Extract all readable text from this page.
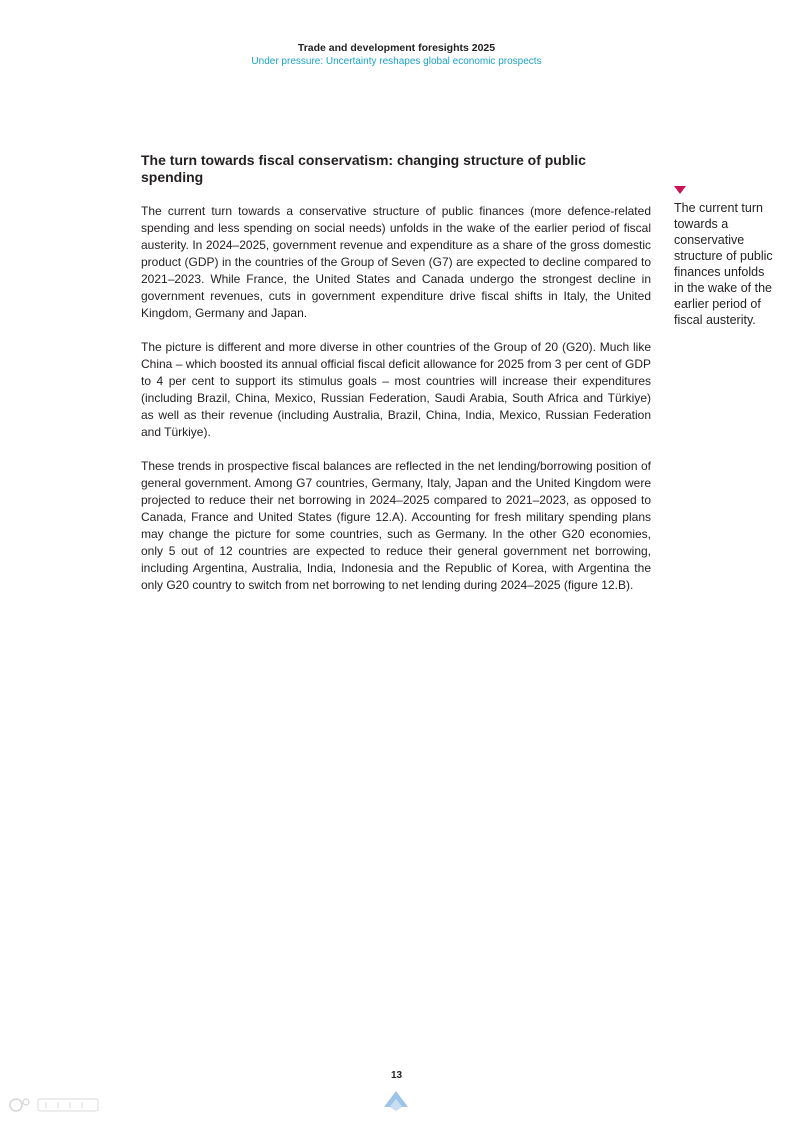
Trade and development foresights 2025
Under pressure: Uncertainty reshapes global economic prospects
The turn towards fiscal conservatism: changing structure of public spending

The current turn towards a conservative structure of public finances (more defence-related spending and less spending on social needs) unfolds in the wake of the earlier period of fiscal austerity. In 2024–2025, government revenue and expenditure as a share of the gross domestic product (GDP) in the countries of the Group of Seven (G7) are expected to decline compared to 2021–2023. While France, the United States and Canada undergo the strongest decline in government revenues, cuts in government expenditure drive fiscal shifts in Italy, the United Kingdom, Germany and Japan.

The picture is different and more diverse in other countries of the Group of 20 (G20). Much like China – which boosted its annual official fiscal deficit allowance for 2025 from 3 per cent of GDP to 4 per cent to support its stimulus goals – most countries will increase their expenditures (including Brazil, China, Mexico, Russian Federation, Saudi Arabia, South Africa and Türkiye) as well as their revenue (including Australia, Brazil, China, India, Mexico, Russian Federation and Türkiye).

These trends in prospective fiscal balances are reflected in the net lending/borrowing position of general government. Among G7 countries, Germany, Italy, Japan and the United Kingdom were projected to reduce their net borrowing in 2024–2025 compared to 2021–2023, as opposed to Canada, France and United States (figure 12.A). Accounting for fresh military spending plans may change the picture for some countries, such as Germany. In the other G20 economies, only 5 out of 12 countries are expected to reduce their general government net borrowing, including Argentina, Australia, India, Indonesia and the Republic of Korea, with Argentina the only G20 country to switch from net borrowing to net lending during 2024–2025 (figure 12.B).

The current turn towards a conservative structure of public finances unfolds in the wake of the earlier period of fiscal austerity.
13
